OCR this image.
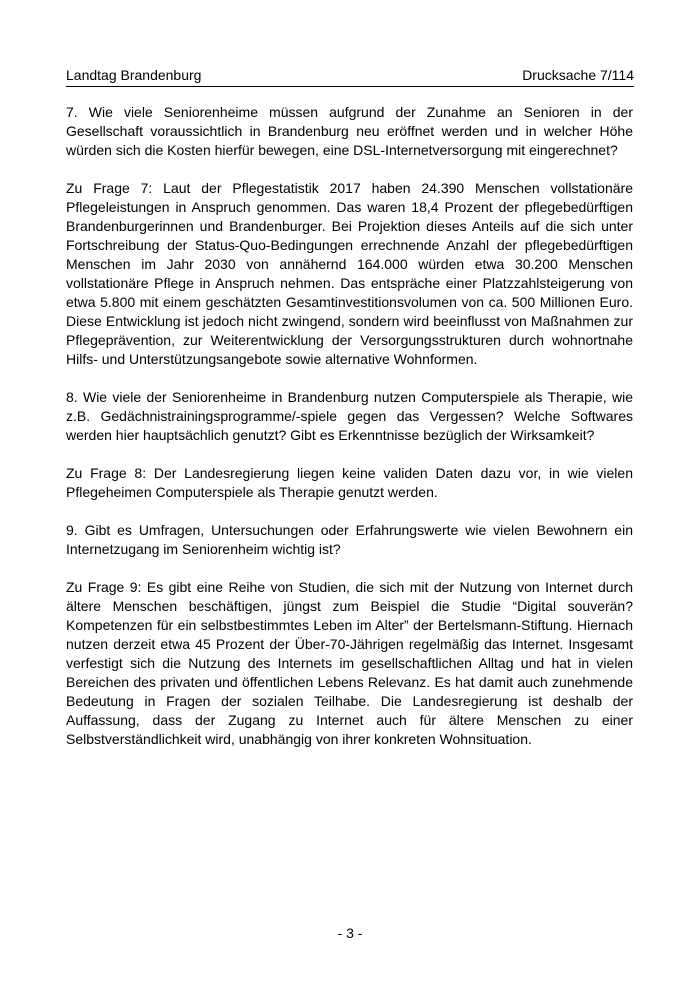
Landtag Brandenburg	Drucksache 7/114

7. Wie viele Seniorenheime müssen aufgrund der Zunahme an Senioren in der Gesellschaft voraussichtlich in Brandenburg neu eröffnet werden und in welcher Höhe würden sich die Kosten hierfür bewegen, eine DSL-Internetversorgung mit eingerechnet?

Zu Frage 7: Laut der Pflegestatistik 2017 haben 24.390 Menschen vollstationäre Pflegeleistungen in Anspruch genommen. Das waren 18,4 Prozent der pflegebedürftigen Brandenburgerinnen und Brandenburger. Bei Projektion dieses Anteils auf die sich unter Fortschreibung der Status-Quo-Bedingungen errechnende Anzahl der pflegebedürftigen Menschen im Jahr 2030 von annähernd 164.000 würden etwa 30.200 Menschen vollstationäre Pflege in Anspruch nehmen. Das entspräche einer Platzzahlsteigerung von etwa 5.800 mit einem geschätzten Gesamtinvestitionsvolumen von ca. 500 Millionen Euro. Diese Entwicklung ist jedoch nicht zwingend, sondern wird beeinflusst von Maßnahmen zur Pflegeprävention, zur Weiterentwicklung der Versorgungsstrukturen durch wohnortnahe Hilfs- und Unterstützungsangebote sowie alternative Wohnformen.

8. Wie viele der Seniorenheime in Brandenburg nutzen Computerspiele als Therapie, wie z.B. Gedächnistrainingsprogramme/-spiele gegen das Vergessen? Welche Softwares werden hier hauptsächlich genutzt? Gibt es Erkenntnisse bezüglich der Wirksamkeit?

Zu Frage 8: Der Landesregierung liegen keine validen Daten dazu vor, in wie vielen Pflegeheimen Computerspiele als Therapie genutzt werden.

9. Gibt es Umfragen, Untersuchungen oder Erfahrungswerte wie vielen Bewohnern ein Internetzugang im Seniorenheim wichtig ist?

Zu Frage 9: Es gibt eine Reihe von Studien, die sich mit der Nutzung von Internet durch ältere Menschen beschäftigen, jüngst zum Beispiel die Studie “Digital souverän? Kompetenzen für ein selbstbestimmtes Leben im Alter” der Bertelsmann-Stiftung. Hiernach nutzen derzeit etwa 45 Prozent der Über-70-Jährigen regelmäßig das Internet. Insgesamt verfestigt sich die Nutzung des Internets im gesellschaftlichen Alltag und hat in vielen Bereichen des privaten und öffentlichen Lebens Relevanz. Es hat damit auch zunehmende Bedeutung in Fragen der sozialen Teilhabe. Die Landesregierung ist deshalb der Auffassung, dass der Zugang zu Internet auch für ältere Menschen zu einer Selbstverständlichkeit wird, unabhängig von ihrer konkreten Wohnsituation.

- 3 -
